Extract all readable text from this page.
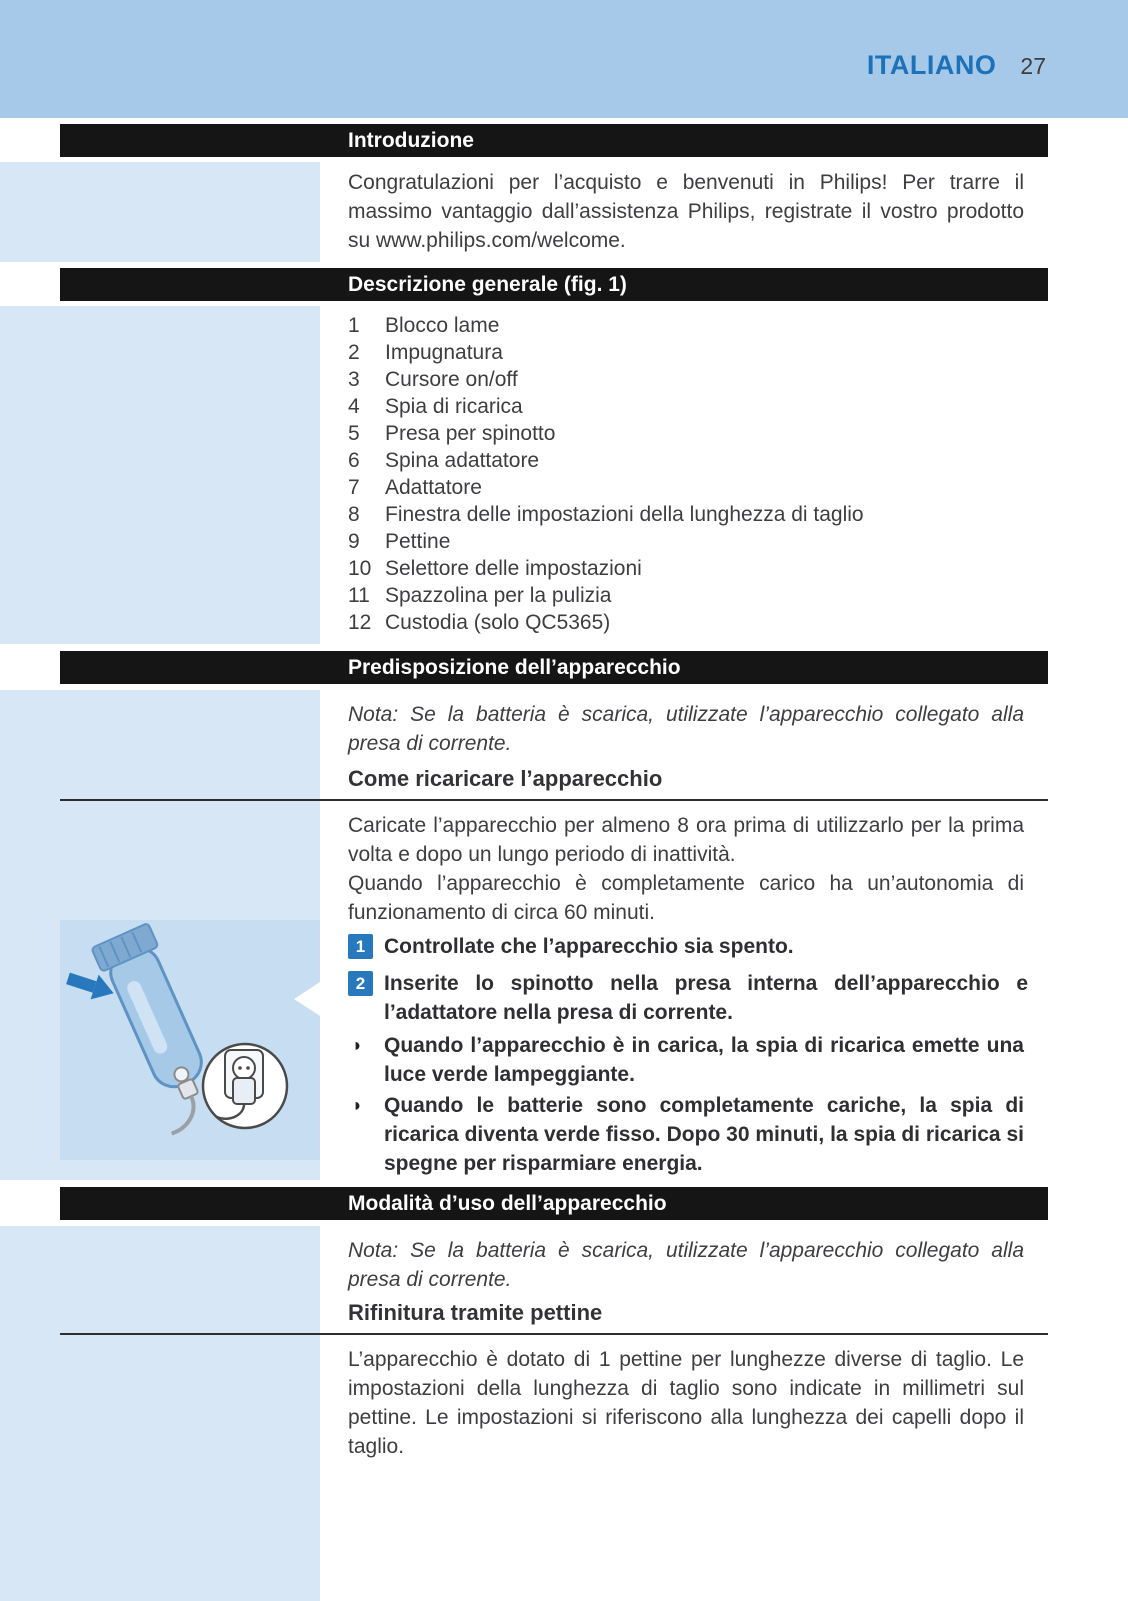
ITALIANO 27
Introduzione
Congratulazioni per l’acquisto e benvenuti in Philips! Per trarre il massimo vantaggio dall’assistenza Philips, registrate il vostro prodotto su www.philips.com/welcome.
Descrizione generale (fig. 1)
1	Blocco lame
2	Impugnatura
3	Cursore on/off
4	Spia di ricarica
5	Presa per spinotto
6	Spina adattatore
7	Adattatore
8	Finestra delle impostazioni della lunghezza di taglio
9	Pettine
10 Selettore delle impostazioni
11 Spazzolina per la pulizia
12 Custodia (solo QC5365)
Predisposizione dell’apparecchio
Nota: Se la batteria è scarica, utilizzate l’apparecchio collegato alla presa di corrente.
Come ricaricare l’apparecchio
Caricate l’apparecchio per almeno 8 ora prima di utilizzarlo per la prima volta e dopo un lungo periodo di inattività.
Quando l’apparecchio è completamente carico ha un’autonomia di funzionamento di circa 60 minuti.
1 Controllate che l’apparecchio sia spento.
2 Inserite lo spinotto nella presa interna dell’apparecchio e l’adattatore nella presa di corrente.
◗	Quando l’apparecchio è in carica, la spia di ricarica emette una luce verde lampeggiante.
◗	Quando le batterie sono completamente cariche, la spia di ricarica diventa verde fisso. Dopo 30 minuti, la spia di ricarica si spegne per risparmiare energia.
Modalità d’uso dell’apparecchio
Nota: Se la batteria è scarica, utilizzate l’apparecchio collegato alla presa di corrente.
Rifinitura tramite pettine
L’apparecchio è dotato di 1 pettine per lunghezze diverse di taglio. Le impostazioni della lunghezza di taglio sono indicate in millimetri sul pettine. Le impostazioni si riferiscono alla lunghezza dei capelli dopo il taglio.
